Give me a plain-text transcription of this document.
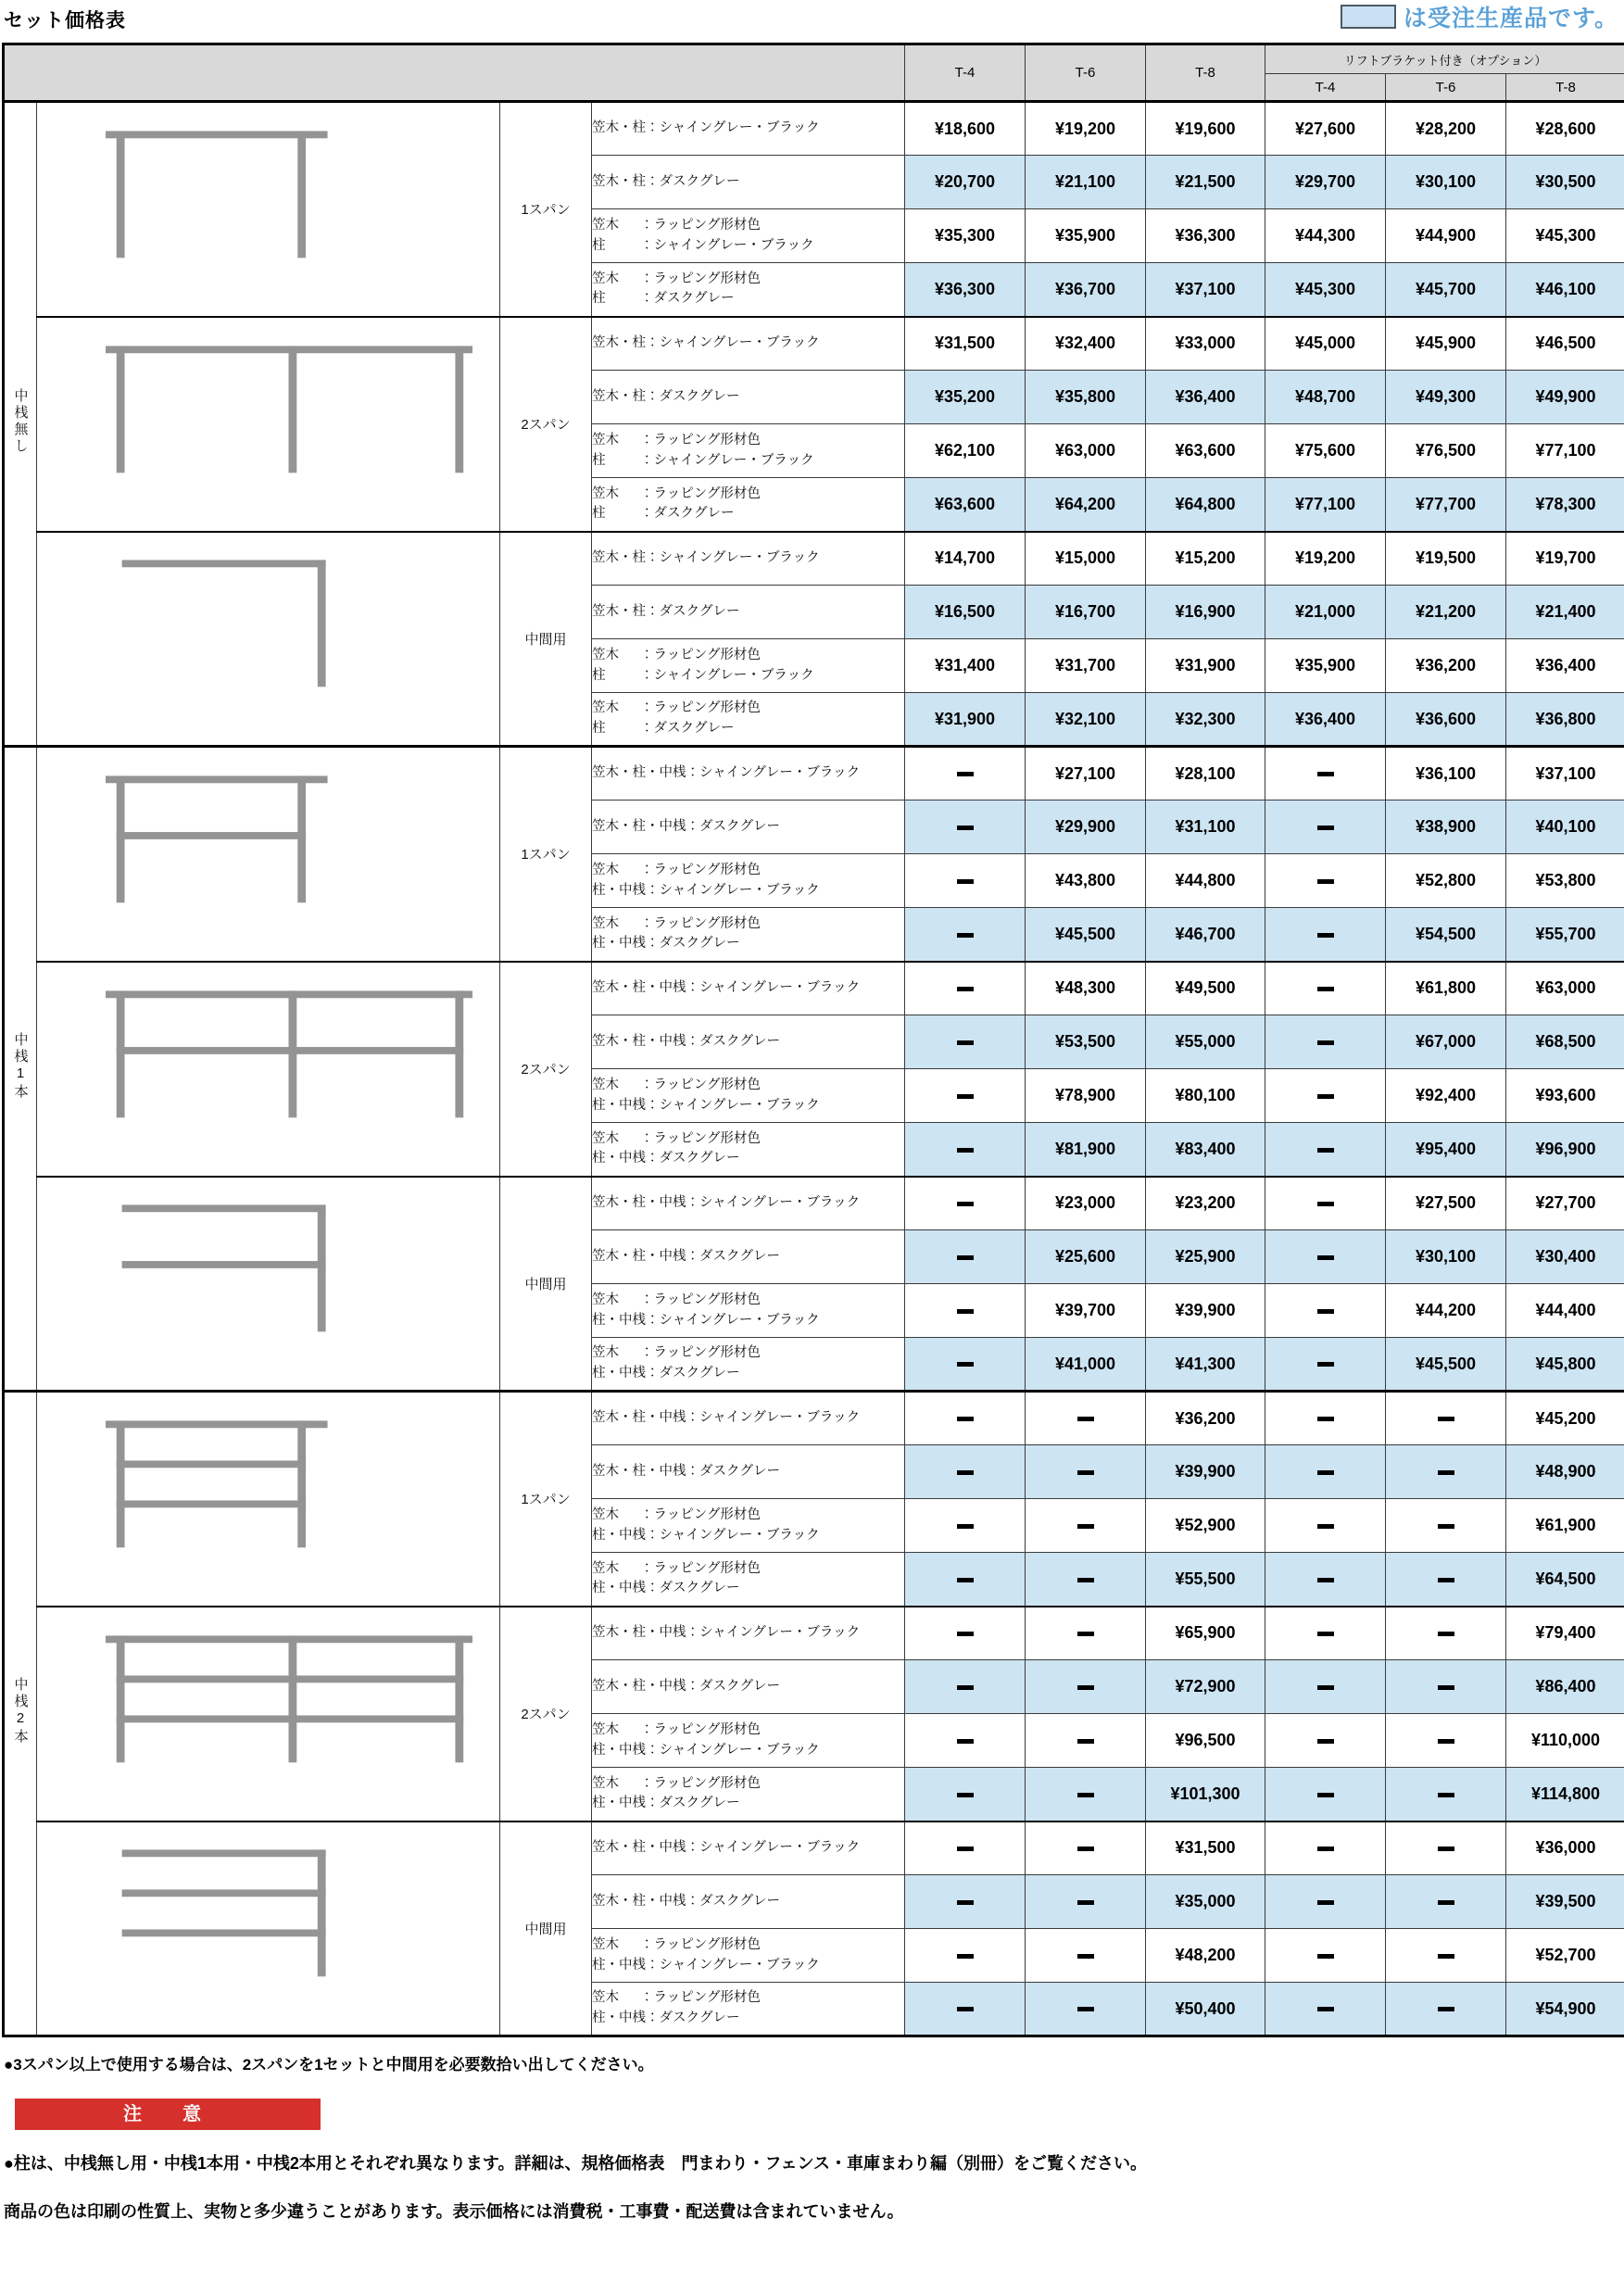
セット価格表	は受注生産品です。
				T-4	T-6	T-8	リフトブラケット付き（オプション）		
							T-4	T-6	T-8
中桟無し		1スパン	笠木・柱：シャイングレー・ブラック	¥18,600	¥19,200	¥19,600	¥27,600	¥28,200	¥28,600

			笠木・柱：ダスクグレー	¥20,700	¥21,100	¥21,500	¥29,700	¥30,100	¥30,500

			笠木 ：ラッピング形材色
柱 ：シャイングレー・ブラック	¥35,300	¥35,900	¥36,300	¥44,300	¥44,900	¥45,300

			笠木 ：ラッピング形材色
柱 ：ダスクグレー	¥36,300	¥36,700	¥37,100	¥45,300	¥45,700	¥46,100

	2スパン	笠木・柱：シャイングレー・ブラック	¥31,500	¥32,400	¥33,000	¥45,000	¥45,900	¥46,500

			笠木・柱：ダスクグレー	¥35,200	¥35,800	¥36,400	¥48,700	¥49,300	¥49,900

			笠木 ：ラッピング形材色
柱 ：シャイングレー・ブラック	¥62,100	¥63,000	¥63,600	¥75,600	¥76,500	¥77,100

			笠木 ：ラッピング形材色
柱 ：ダスクグレー	¥63,600	¥64,200	¥64,800	¥77,100	¥77,700	¥78,300

	中間用	笠木・柱：シャイングレー・ブラック	¥14,700	¥15,000	¥15,200	¥19,200	¥19,500	¥19,700

			笠木・柱：ダスクグレー	¥16,500	¥16,700	¥16,900	¥21,000	¥21,200	¥21,400

			笠木 ：ラッピング形材色
柱 ：シャイングレー・ブラック	¥31,400	¥31,700	¥31,900	¥35,900	¥36,200	¥36,400

			笠木 ：ラッピング形材色
柱 ：ダスクグレー	¥31,900	¥32,100	¥32,300	¥36,400	¥36,600	¥36,800
中桟1本		1スパン	笠木・柱・中桟：シャイングレー・ブラック		¥27,100	¥28,100		¥36,100	¥37,100

			笠木・柱・中桟：ダスクグレー		¥29,900	¥31,100		¥38,900	¥40,100

			笠木 ：ラッピング形材色
柱・中桟：シャイングレー・ブラック		¥43,800	¥44,800		¥52,800	¥53,800

			笠木 ：ラッピング形材色
柱・中桟：ダスクグレー		¥45,500	¥46,700		¥54,500	¥55,700

	2スパン	笠木・柱・中桟：シャイングレー・ブラック		¥48,300	¥49,500		¥61,800	¥63,000

			笠木・柱・中桟：ダスクグレー		¥53,500	¥55,000		¥67,000	¥68,500

			笠木 ：ラッピング形材色
柱・中桟：シャイングレー・ブラック		¥78,900	¥80,100		¥92,400	¥93,600

			笠木 ：ラッピング形材色
柱・中桟：ダスクグレー		¥81,900	¥83,400		¥95,400	¥96,900

	中間用	笠木・柱・中桟：シャイングレー・ブラック		¥23,000	¥23,200		¥27,500	¥27,700

			笠木・柱・中桟：ダスクグレー		¥25,600	¥25,900		¥30,100	¥30,400

			笠木 ：ラッピング形材色
柱・中桟：シャイングレー・ブラック		¥39,700	¥39,900		¥44,200	¥44,400

			笠木 ：ラッピング形材色
柱・中桟：ダスクグレー		¥41,000	¥41,300		¥45,500	¥45,800
中桟2本		1スパン	笠木・柱・中桟：シャイングレー・ブラック			¥36,200			¥45,200

			笠木・柱・中桟：ダスクグレー			¥39,900			¥48,900

			笠木 ：ラッピング形材色
柱・中桟：シャイングレー・ブラック			¥52,900			¥61,900

			笠木 ：ラッピング形材色
柱・中桟：ダスクグレー			¥55,500			¥64,500

	2スパン	笠木・柱・中桟：シャイングレー・ブラック			¥65,900			¥79,400

			笠木・柱・中桟：ダスクグレー			¥72,900			¥86,400

			笠木 ：ラッピング形材色
柱・中桟：シャイングレー・ブラック			¥96,500			¥110,000

			笠木 ：ラッピング形材色
柱・中桟：ダスクグレー			¥101,300			¥114,800

	中間用	笠木・柱・中桟：シャイングレー・ブラック			¥31,500			¥36,000

			笠木・柱・中桟：ダスクグレー			¥35,000			¥39,500

			笠木 ：ラッピング形材色
柱・中桟：シャイングレー・ブラック			¥48,200			¥52,700

			笠木 ：ラッピング形材色
柱・中桟：ダスクグレー			¥50,400			¥54,900
●3スパン以上で使用する場合は、2スパンを1セットと中間用を必要数拾い出してください。
注　意
●柱は、中桟無し用・中桟1本用・中桟2本用とそれぞれ異なります。詳細は、規格価格表　門まわり・フェンス・車庫まわり編（別冊）をご覧ください。
商品の色は印刷の性質上、実物と多少違うことがあります。表示価格には消費税・工事費・配送費は含まれていません。
